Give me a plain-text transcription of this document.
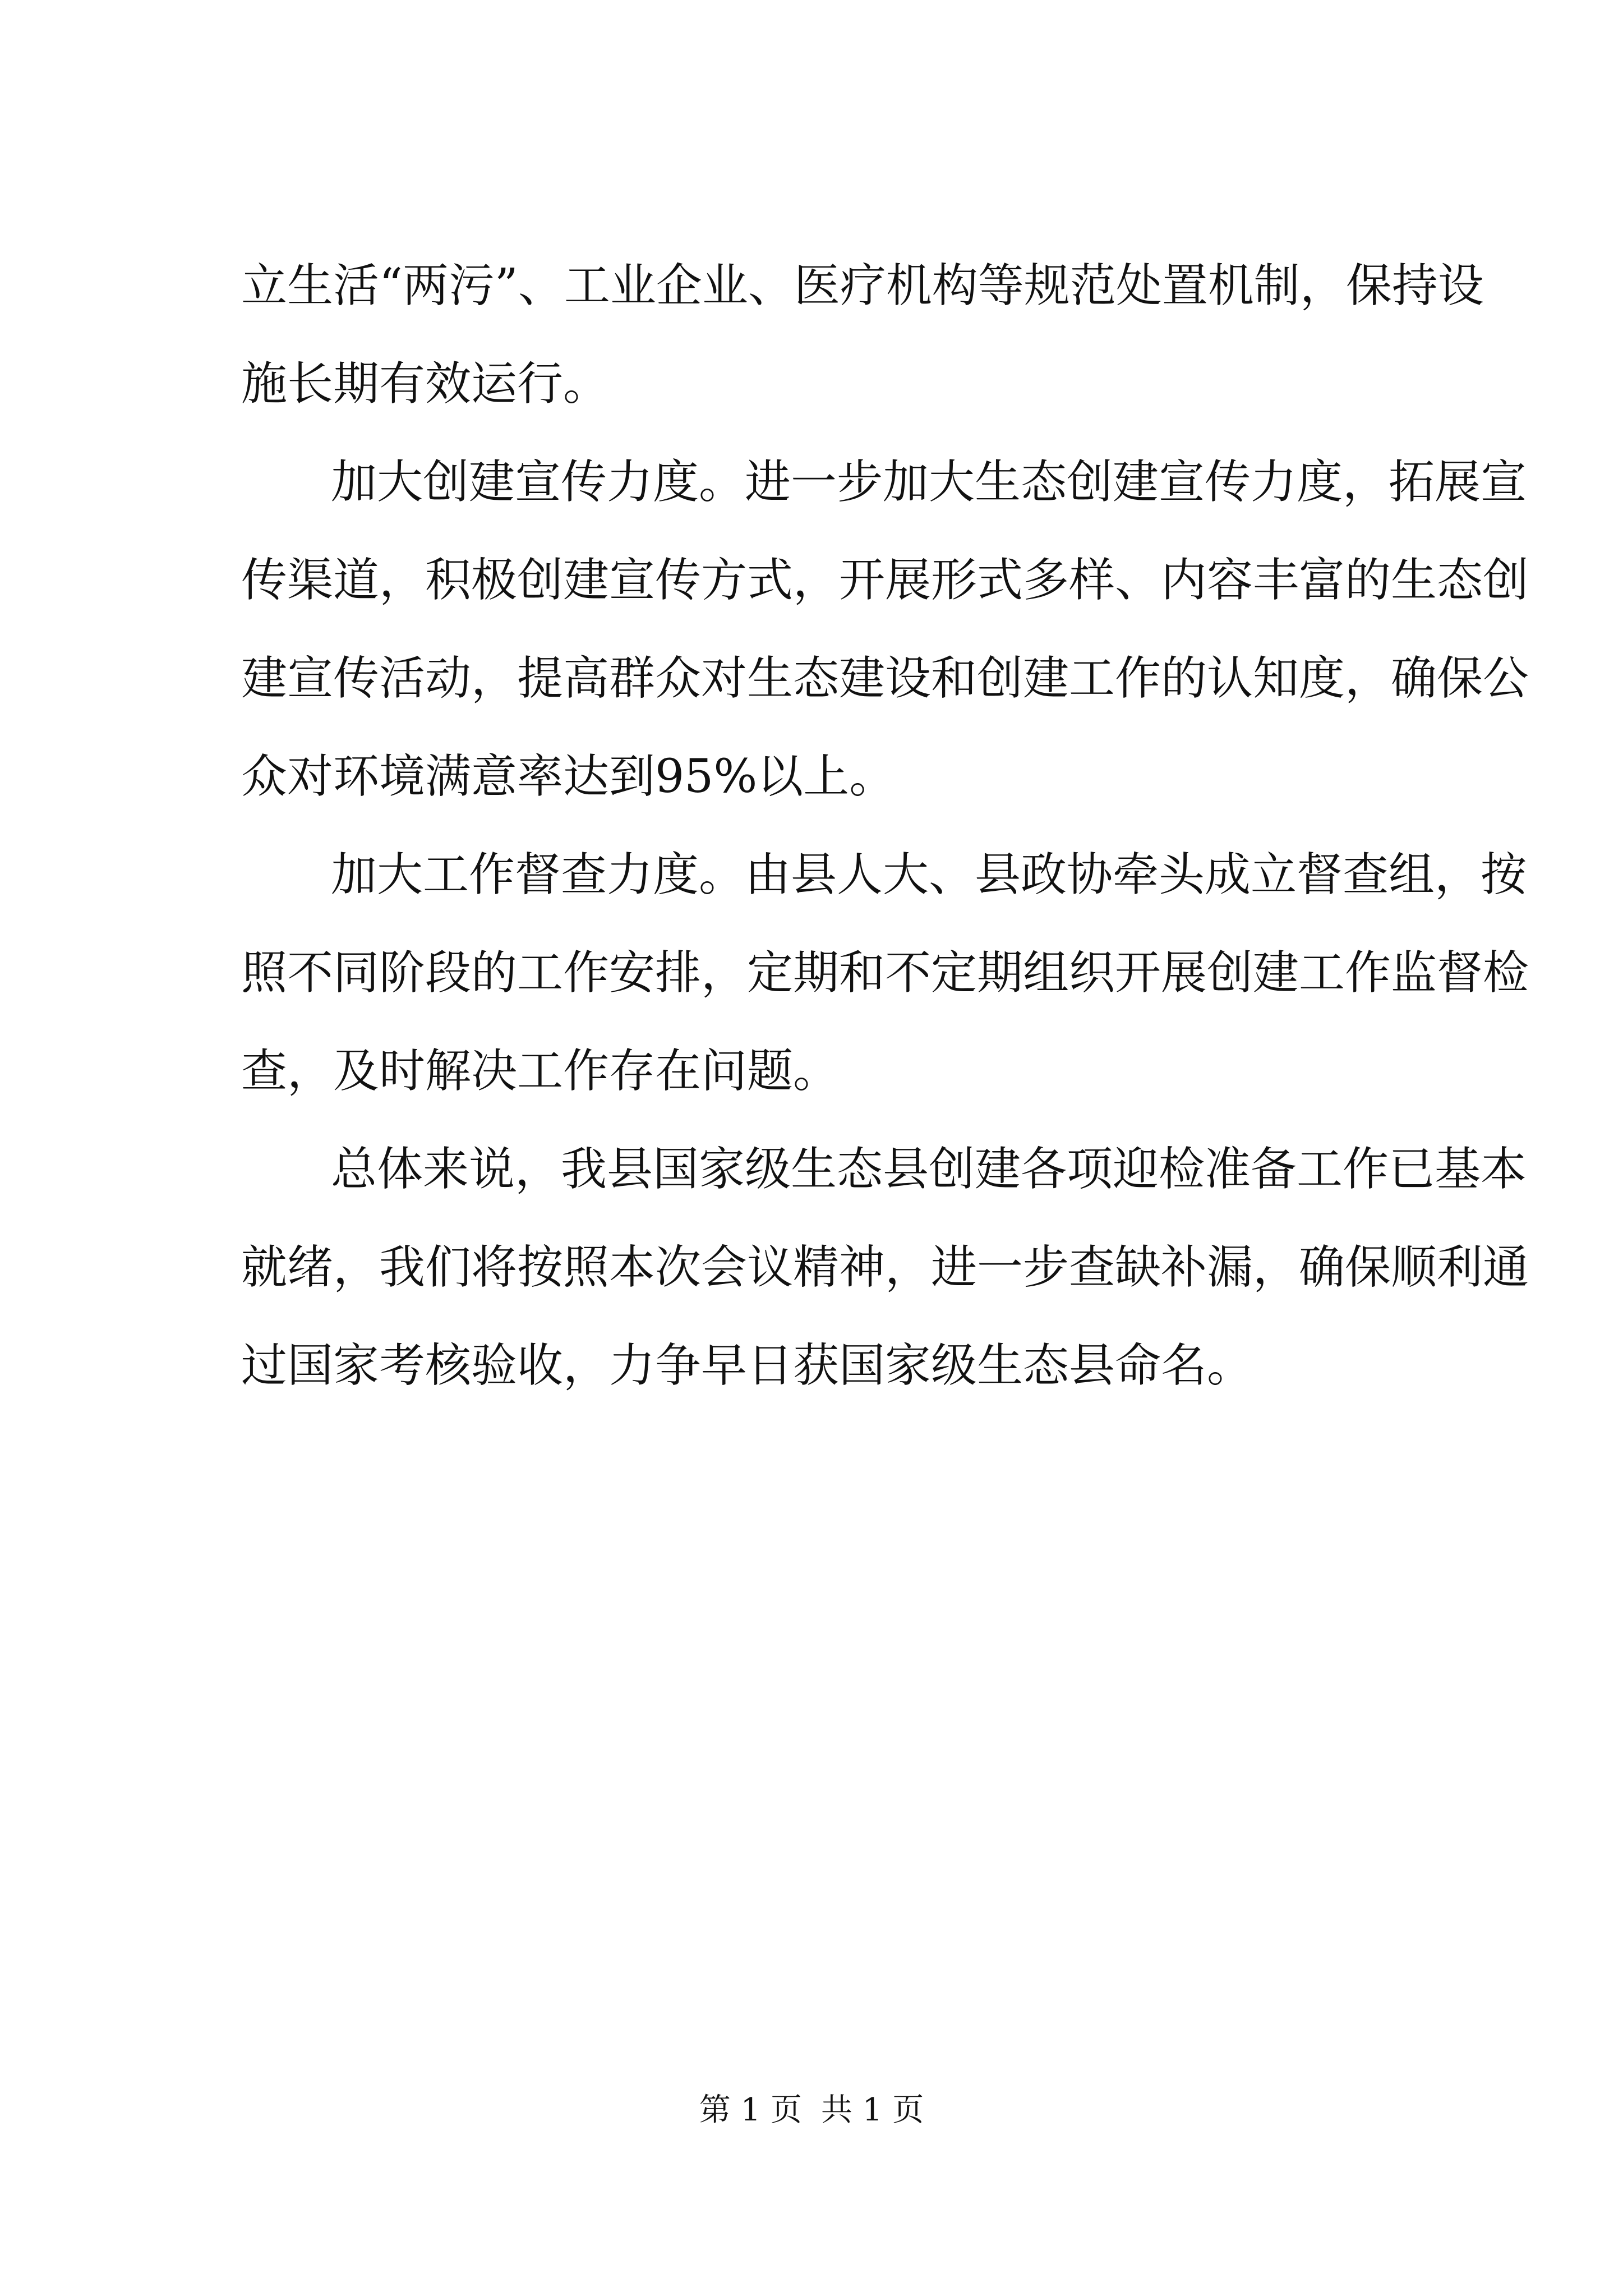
立生活“两污”、工业企业、医疗机构等规范处置机制，保持设
施长期有效运行。
加大创建宣传力度。进一步加大生态创建宣传力度，拓展宣
传渠道，积极创建宣传方式，开展形式多样、内容丰富的生态创
建宣传活动，提高群众对生态建设和创建工作的认知度，确保公
众对环境满意率达到95%以上。
加大工作督查力度。由县人大、县政协牵头成立督查组，按
照不同阶段的工作安排，定期和不定期组织开展创建工作监督检
查，及时解决工作存在问题。
总体来说，我县国家级生态县创建各项迎检准备工作已基本
就绪，我们将按照本次会议精神，进一步查缺补漏，确保顺利通
过国家考核验收，力争早日获国家级生态县命名。
第 1 页 共 1 页
